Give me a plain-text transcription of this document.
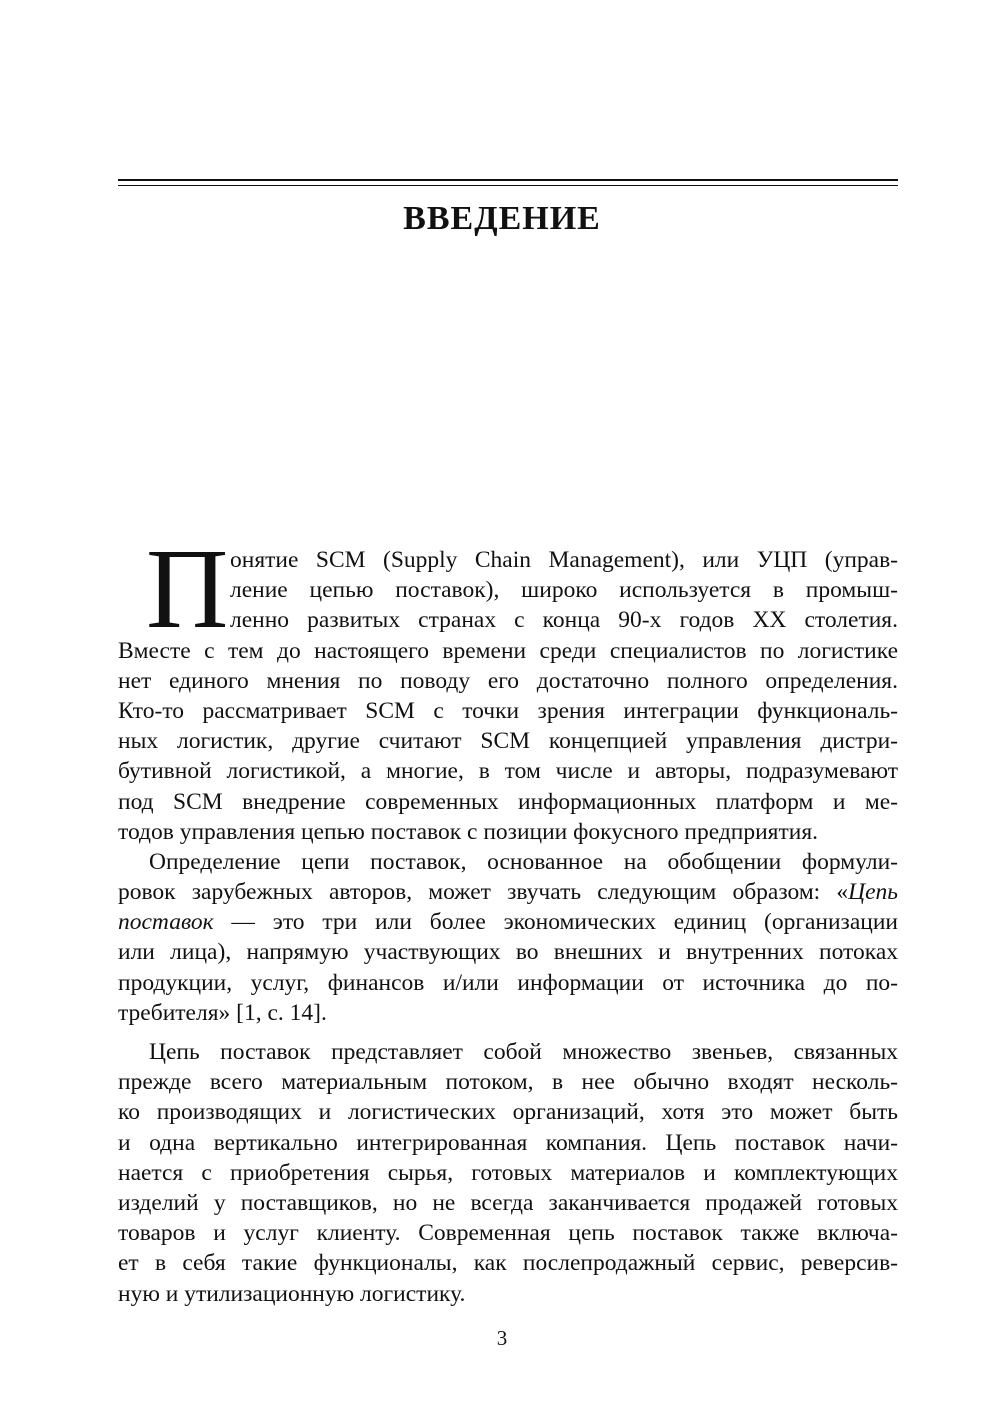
ВВЕДЕНИЕ
П онятие SCM (Supply Chain Management), или УЦП (управ-
ление цепью поставок), широко используется в промыш-
ленно развитых странах с конца 90-х годов XX столетия.
Вместе с тем до настоящего времени среди специалистов по логистике
нет единого мнения по поводу его достаточно полного определения.
Кто-то рассматривает SCM с точки зрения интеграции функциональ-
ных логистик, другие считают SCM концепцией управления дистри-
бутивной логистикой, а многие, в том числе и авторы, подразумевают
под SCM внедрение современных информационных платформ и ме-
тодов управления цепью поставок с позиции фокусного предприятия.
Определение цепи поставок, основанное на обобщении формули-
ровок зарубежных авторов, может звучать следующим образом: «Цепь
поставок — это три или более экономических единиц (организации
или лица), напрямую участвующих во внешних и внутренних потоках
продукции, услуг, финансов и/или информации от источника до по-
требителя» [1, с. 14].
Цепь поставок представляет собой множество звеньев, связанных
прежде всего материальным потоком, в нее обычно входят несколь-
ко производящих и логистических организаций, хотя это может быть
и одна вертикально интегрированная компания. Цепь поставок начи-
нается с приобретения сырья, готовых материалов и комплектующих
изделий у поставщиков, но не всегда заканчивается продажей готовых
товаров и услуг клиенту. Современная цепь поставок также включа-
ет в себя такие функционалы, как послепродажный сервис, реверсив-
ную и утилизационную логистику.
3
